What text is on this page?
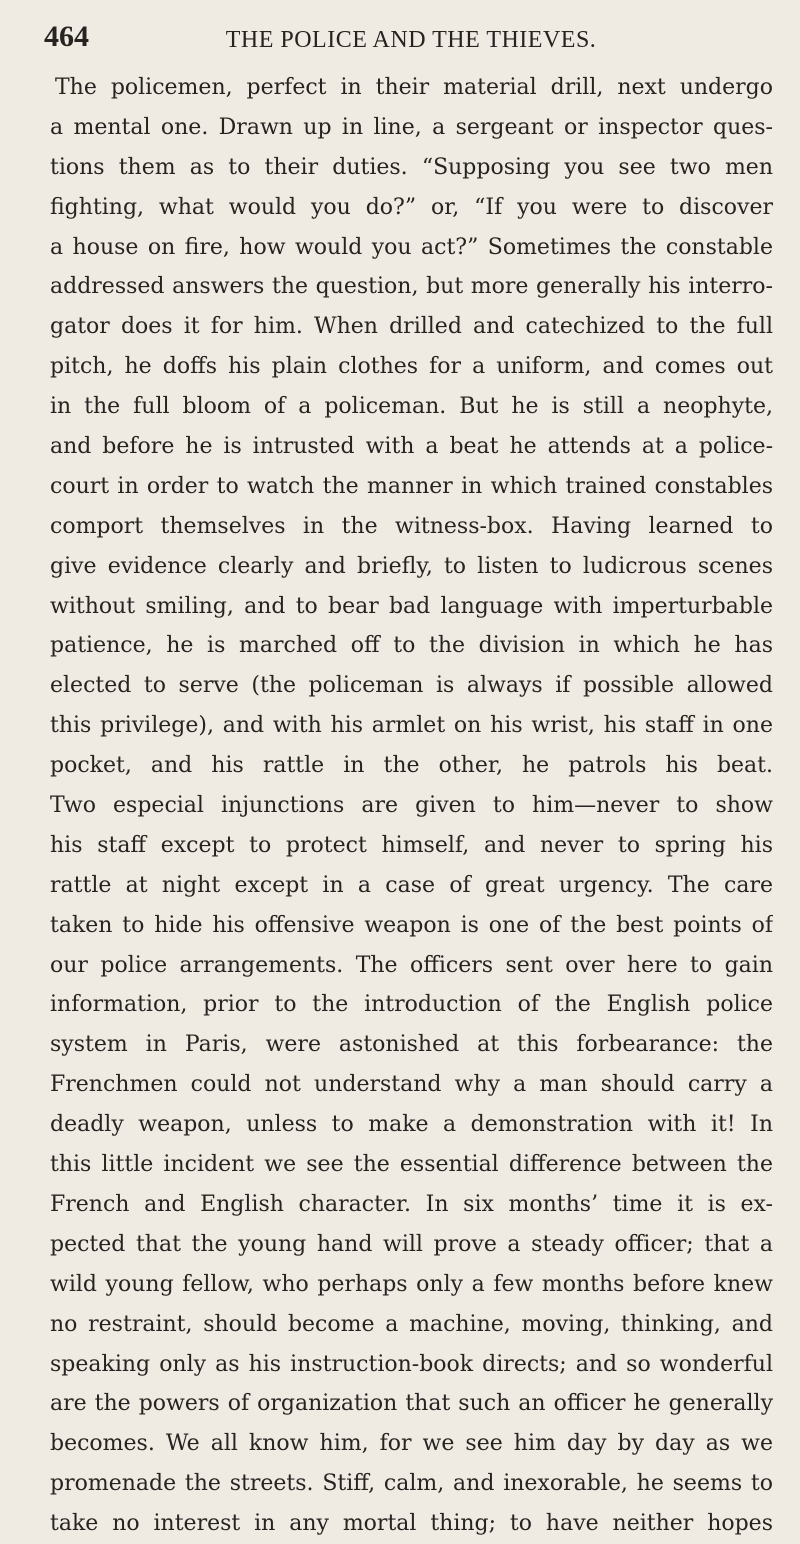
464	THE POLICE AND THE THIEVES.
The policemen, perfect in their material drill, next undergo
a mental one. Drawn up in line, a sergeant or inspector ques-
tions them as to their duties. “Supposing you see two men
fighting, what would you do?” or, “If you were to discover
a house on fire, how would you act?” Sometimes the constable
addressed answers the question, but more generally his interro-
gator does it for him. When drilled and catechized to the full
pitch, he doffs his plain clothes for a uniform, and comes out
in the full bloom of a policeman. But he is still a neophyte,
and before he is intrusted with a beat he attends at a police-
court in order to watch the manner in which trained constables
comport themselves in the witness-box. Having learned to
give evidence clearly and briefly, to listen to ludicrous scenes
without smiling, and to bear bad language with imperturbable
patience, he is marched off to the division in which he has
elected to serve (the policeman is always if possible allowed
this privilege), and with his armlet on his wrist, his staff in one
pocket, and his rattle in the other, he patrols his beat.
Two especial injunctions are given to him—never to show
his staff except to protect himself, and never to spring his
rattle at night except in a case of great urgency. The care
taken to hide his offensive weapon is one of the best points of
our police arrangements. The officers sent over here to gain
information, prior to the introduction of the English police
system in Paris, were astonished at this forbearance: the
Frenchmen could not understand why a man should carry a
deadly weapon, unless to make a demonstration with it! In
this little incident we see the essential difference between the
French and English character. In six months’ time it is ex-
pected that the young hand will prove a steady officer; that a
wild young fellow, who perhaps only a few months before knew
no restraint, should become a machine, moving, thinking, and
speaking only as his instruction-book directs; and so wonderful
are the powers of organization that such an officer he generally
becomes. We all know him, for we see him day by day as we
promenade the streets. Stiff, calm, and inexorable, he seems to
take no interest in any mortal thing; to have neither hopes
